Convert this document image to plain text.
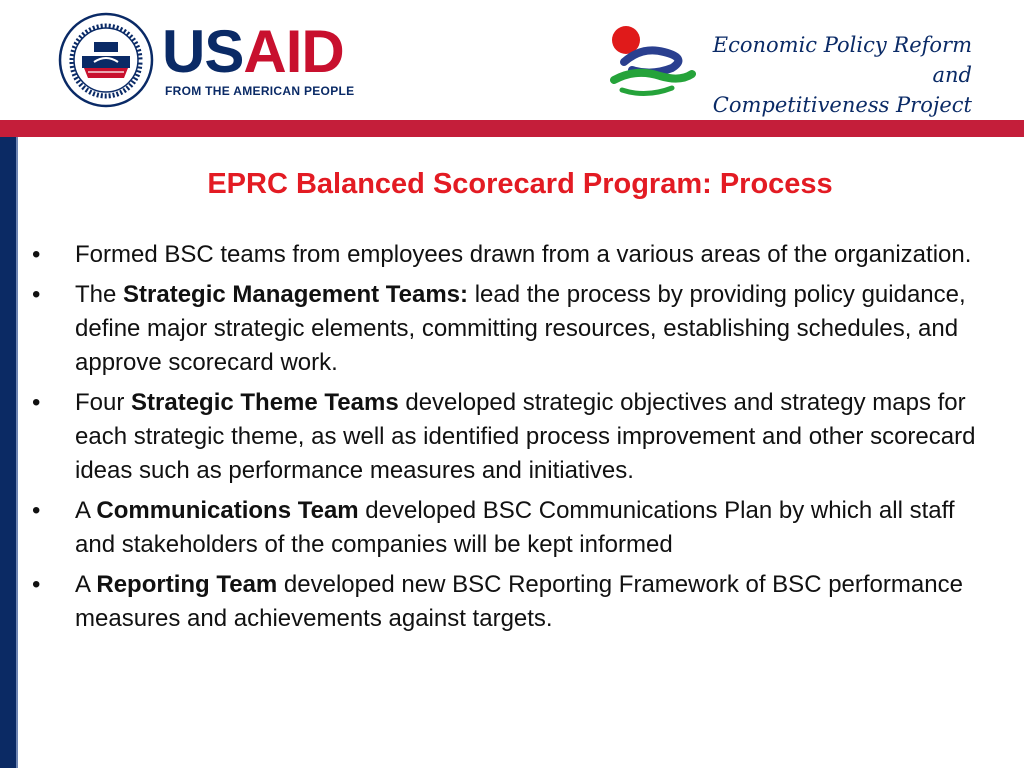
USAID
FROM THE AMERICAN PEOPLE
Economic Policy Reform and
Competitiveness Project
EPRC Balanced Scorecard Program: Process
•	Formed BSC teams from employees drawn from a various areas of the organization.
•	The Strategic Management Teams: lead the process by providing policy guidance, define major strategic elements, committing resources, establishing schedules, and approve scorecard work.
•	Four Strategic Theme Teams developed strategic objectives and strategy maps for each strategic theme, as well as identified process improvement and other scorecard ideas such as performance measures and initiatives.
•	A Communications Team developed BSC Communications Plan by which all staff and stakeholders of the companies will be kept informed
•	A Reporting Team developed new BSC Reporting Framework of BSC performance measures and achievements against targets.
